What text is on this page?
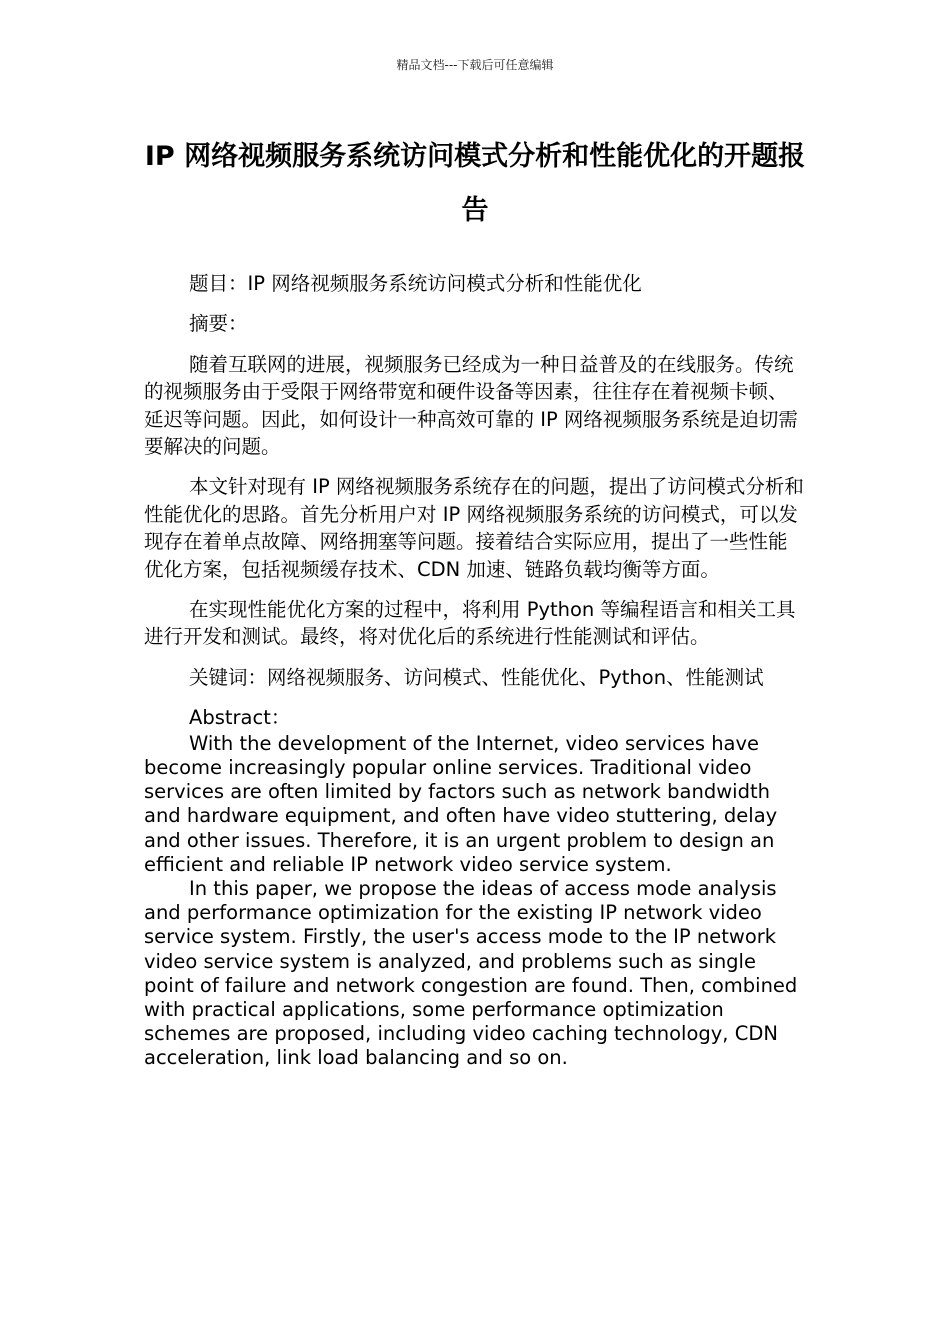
精品文档---下载后可任意编辑
IP 网络视频服务系统访问模式分析和性能优化的开题报告

题目：IP 网络视频服务系统访问模式分析和性能优化

摘要：

随着互联网的进展，视频服务已经成为一种日益普及的在线服务。传统的视频服务由于受限于网络带宽和硬件设备等因素，往往存在着视频卡顿、延迟等问题。因此，如何设计一种高效可靠的 IP 网络视频服务系统是迫切需要解决的问题。

本文针对现有 IP 网络视频服务系统存在的问题，提出了访问模式分析和性能优化的思路。首先分析用户对 IP 网络视频服务系统的访问模式，可以发现存在着单点故障、网络拥塞等问题。接着结合实际应用，提出了一些性能优化方案，包括视频缓存技术、CDN 加速、链路负载均衡等方面。

在实现性能优化方案的过程中，将利用 Python 等编程语言和相关工具进行开发和测试。最终，将对优化后的系统进行性能测试和评估。

关键词：网络视频服务、访问模式、性能优化、Python、性能测试

Abstract：

With the development of the Internet, video services have become increasingly popular online services. Traditional video services are often limited by factors such as network bandwidth and hardware equipment, and often have video stuttering, delay and other issues. Therefore, it is an urgent problem to design an efficient and reliable IP network video service system.

In this paper, we propose the ideas of access mode analysis and performance optimization for the existing IP network video service system. Firstly, the user's access mode to the IP network video service system is analyzed, and problems such as single point of failure and network congestion are found. Then, combined with practical applications, some performance optimization schemes are proposed, including video caching technology, CDN acceleration, link load balancing and so on.
